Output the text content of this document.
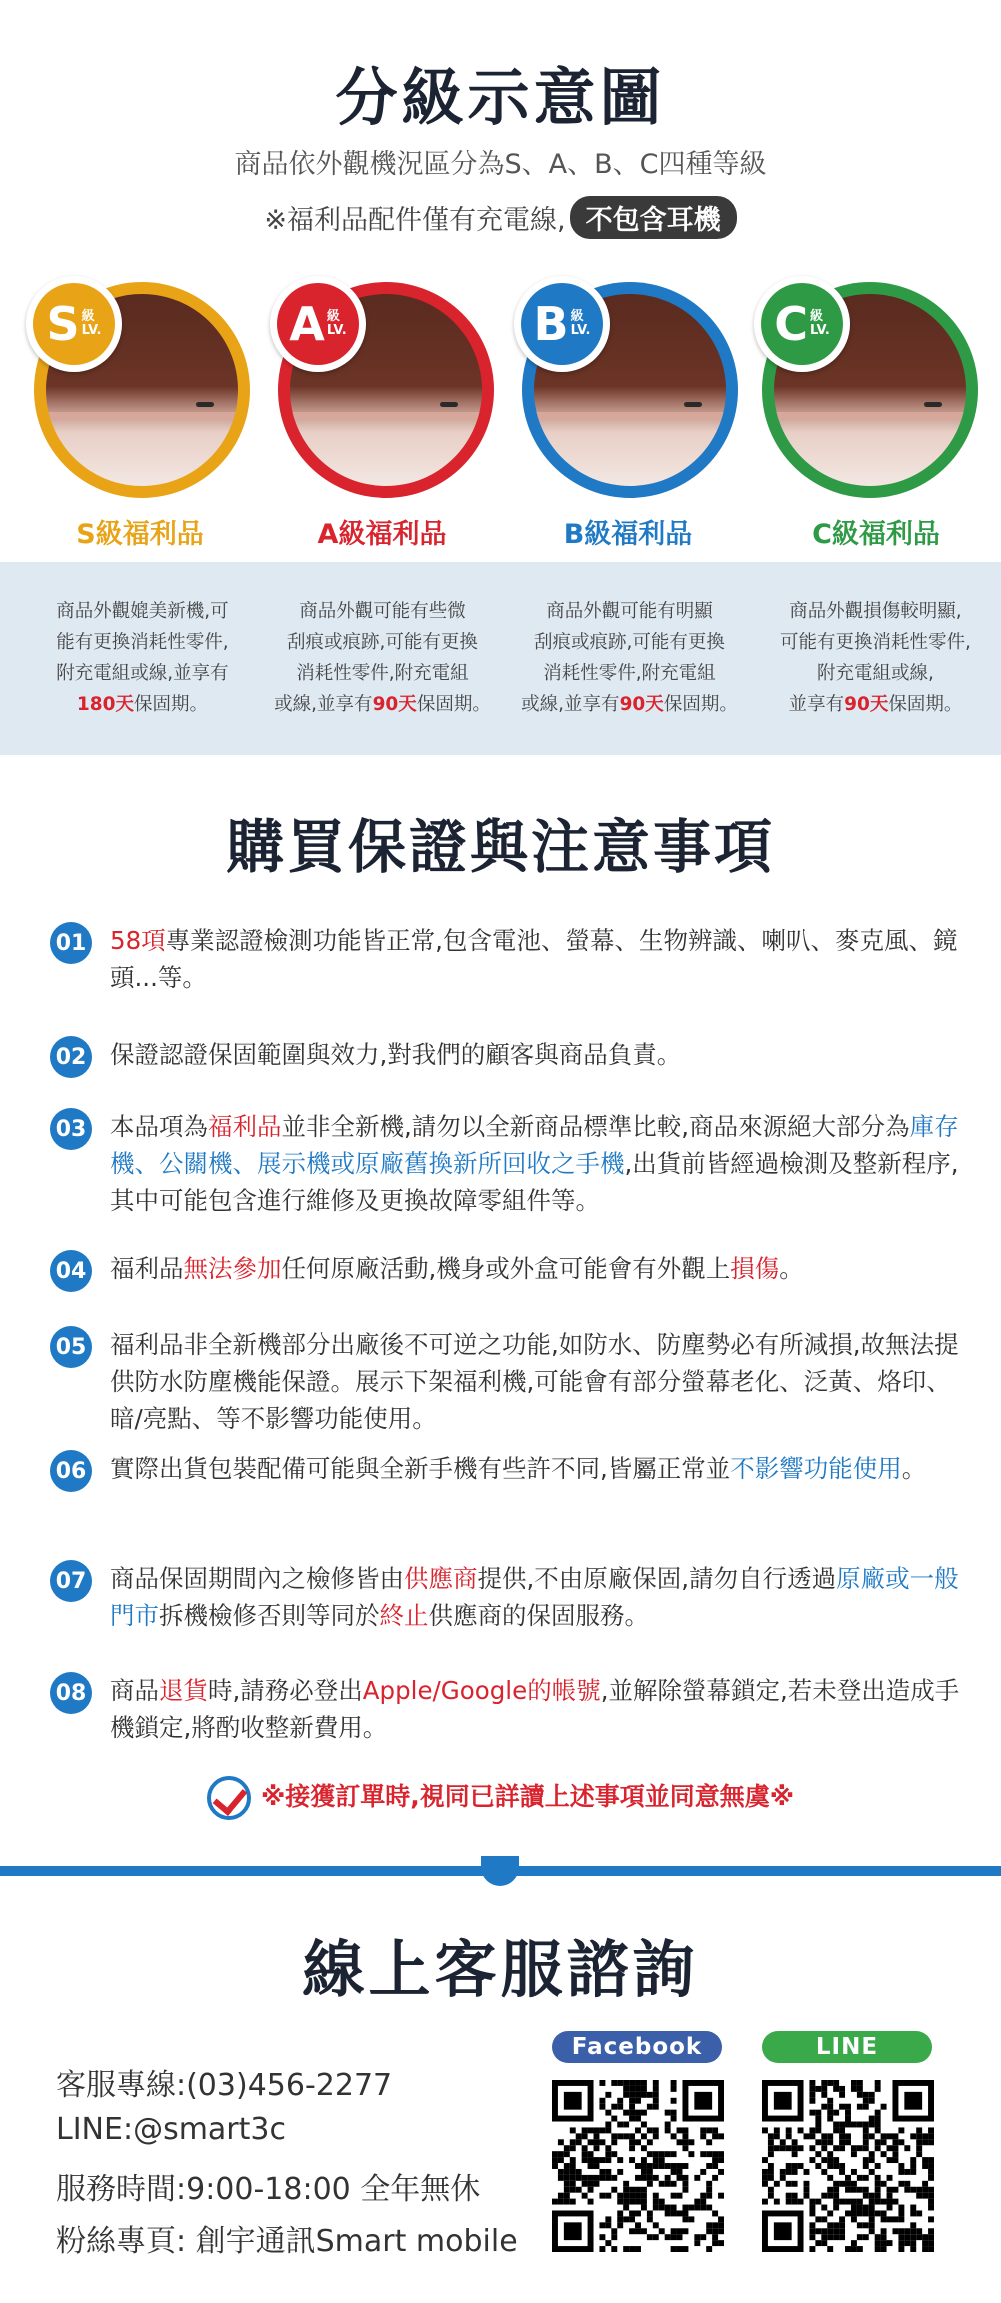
分級示意圖
商品依外觀機況區分為S、A、B、C四種等級
※福利品配件僅有充電線, 不包含耳機
S 級
LV.
S級福利品
A 級
LV.
A級福利品
B 級
LV.
B級福利品
C 級
LV.
C級福利品
商品外觀媲美新機,可
能有更換消耗性零件,
附充電組或線,並享有
180天保固期。
商品外觀可能有些微
刮痕或痕跡,可能有更換
消耗性零件,附充電組
或線,並享有90天保固期。
商品外觀可能有明顯
刮痕或痕跡,可能有更換
消耗性零件,附充電組
或線,並享有90天保固期。
商品外觀損傷較明顯,
可能有更換消耗性零件,
附充電組或線,
並享有90天保固期。
購買保證與注意事項
01 58項專業認證檢測功能皆正常,包含電池、螢幕、生物辨識、喇叭、麥克風、鏡頭...等。
02 保證認證保固範圍與效力,對我們的顧客與商品負責。
03 本品項為福利品並非全新機,請勿以全新商品標準比較,商品來源絕大部分為庫存機、公關機、展示機或原廠舊換新所回收之手機,出貨前皆經過檢測及整新程序,其中可能包含進行維修及更換故障零組件等。
04 福利品無法參加任何原廠活動,機身或外盒可能會有外觀上損傷。
05 福利品非全新機部分出廠後不可逆之功能,如防水、防塵勢必有所減損,故無法提供防水防塵機能保證。展示下架福利機,可能會有部分螢幕老化、泛黃、烙印、暗/亮點、等不影響功能使用。
06 實際出貨包裝配備可能與全新手機有些許不同,皆屬正常並不影響功能使用。
07 商品保固期間內之檢修皆由供應商提供,不由原廠保固,請勿自行透過原廠或一般門市拆機檢修否則等同於終止供應商的保固服務。
08 商品退貨時,請務必登出Apple/Google的帳號,並解除螢幕鎖定,若未登出造成手機鎖定,將酌收整新費用。
※接獲訂單時,視同已詳讀上述事項並同意無虞※
線上客服諮詢
客服專線:(03)456-2277
LINE:@smart3c
服務時間:9:00-18:00 全年無休
粉絲專頁: 創宇通訊Smart mobile
Facebook	LINE
